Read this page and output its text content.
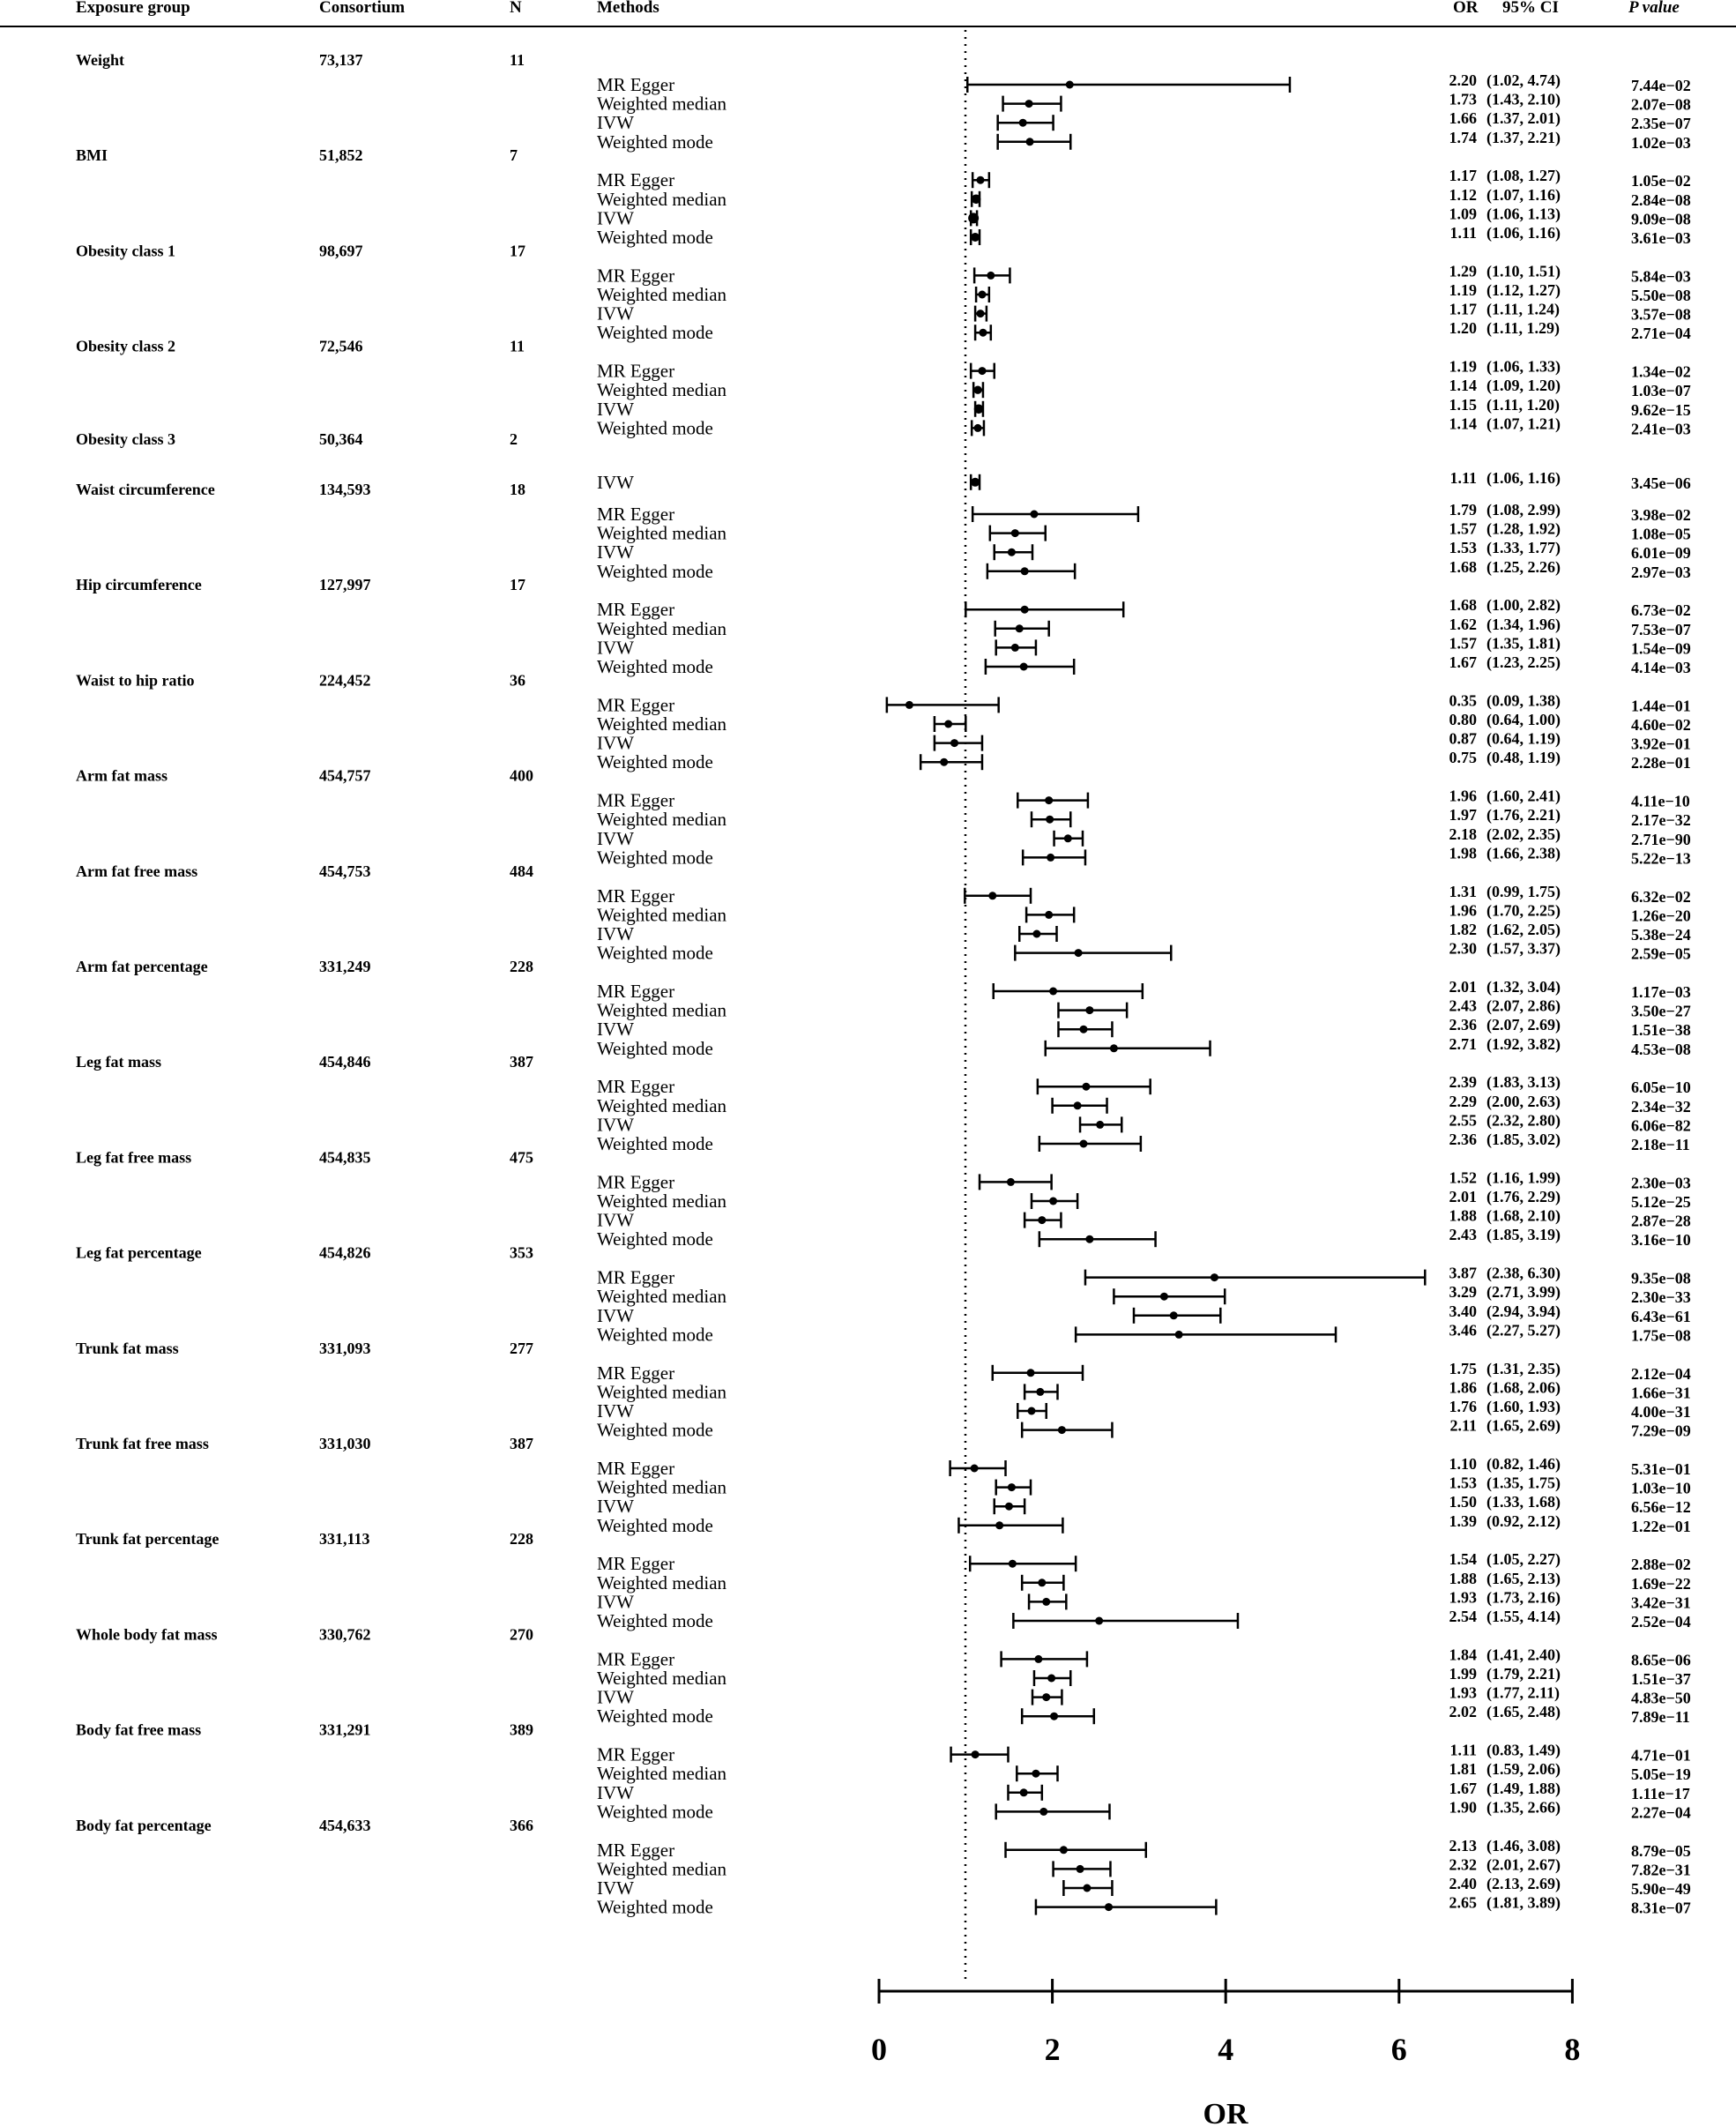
Exposure group	Consortium	N	Methods	OR 95% CI	P value
Weight	73,137	11
MR Egger	2.20 (1.02, 4.74)	7.44e−02
Weighted median	1.73 (1.43, 2.10)	2.07e−08
IVW	1.66 (1.37, 2.01)	2.35e−07
Weighted mode	1.74 (1.37, 2.21)	1.02e−03
BMI	51,852	7
MR Egger	1.17 (1.08, 1.27)	1.05e−02
Weighted median	1.12 (1.07, 1.16)	2.84e−08
IVW	1.09 (1.06, 1.13)	9.09e−08
Weighted mode	1.11 (1.06, 1.16)	3.61e−03
Obesity class 1	98,697	17
MR Egger	1.29 (1.10, 1.51)	5.84e−03
Weighted median	1.19 (1.12, 1.27)	5.50e−08
IVW	1.17 (1.11, 1.24)	3.57e−08
Weighted mode	1.20 (1.11, 1.29)	2.71e−04
Obesity class 2	72,546	11
MR Egger	1.19 (1.06, 1.33)	1.34e−02
Weighted median	1.14 (1.09, 1.20)	1.03e−07
IVW	1.15 (1.11, 1.20)	9.62e−15
Weighted mode	1.14 (1.07, 1.21)	2.41e−03
Obesity class 3	50,364	2
IVW	1.11 (1.06, 1.16)	3.45e−06
Waist circumference	134,593	18
MR Egger	1.79 (1.08, 2.99)	3.98e−02
Weighted median	1.57 (1.28, 1.92)	1.08e−05
IVW	1.53 (1.33, 1.77)	6.01e−09
Weighted mode	1.68 (1.25, 2.26)	2.97e−03
Hip circumference	127,997	17
MR Egger	1.68 (1.00, 2.82)	6.73e−02
Weighted median	1.62 (1.34, 1.96)	7.53e−07
IVW	1.57 (1.35, 1.81)	1.54e−09
Weighted mode	1.67 (1.23, 2.25)	4.14e−03
Waist to hip ratio	224,452	36
MR Egger	0.35 (0.09, 1.38)	1.44e−01
Weighted median	0.80 (0.64, 1.00)	4.60e−02
IVW	0.87 (0.64, 1.19)	3.92e−01
Weighted mode	0.75 (0.48, 1.19)	2.28e−01
Arm fat mass	454,757	400
MR Egger	1.96 (1.60, 2.41)	4.11e−10
Weighted median	1.97 (1.76, 2.21)	2.17e−32
IVW	2.18 (2.02, 2.35)	2.71e−90
Weighted mode	1.98 (1.66, 2.38)	5.22e−13
Arm fat free mass	454,753	484
MR Egger	1.31 (0.99, 1.75)	6.32e−02
Weighted median	1.96 (1.70, 2.25)	1.26e−20
IVW	1.82 (1.62, 2.05)	5.38e−24
Weighted mode	2.30 (1.57, 3.37)	2.59e−05
Arm fat percentage	331,249	228
MR Egger	2.01 (1.32, 3.04)	1.17e−03
Weighted median	2.43 (2.07, 2.86)	3.50e−27
IVW	2.36 (2.07, 2.69)	1.51e−38
Weighted mode	2.71 (1.92, 3.82)	4.53e−08
Leg fat mass	454,846	387
MR Egger	2.39 (1.83, 3.13)	6.05e−10
Weighted median	2.29 (2.00, 2.63)	2.34e−32
IVW	2.55 (2.32, 2.80)	6.06e−82
Weighted mode	2.36 (1.85, 3.02)	2.18e−11
Leg fat free mass	454,835	475
MR Egger	1.52 (1.16, 1.99)	2.30e−03
Weighted median	2.01 (1.76, 2.29)	5.12e−25
IVW	1.88 (1.68, 2.10)	2.87e−28
Weighted mode	2.43 (1.85, 3.19)	3.16e−10
Leg fat percentage	454,826	353
MR Egger	3.87 (2.38, 6.30)	9.35e−08
Weighted median	3.29 (2.71, 3.99)	2.30e−33
IVW	3.40 (2.94, 3.94)	6.43e−61
Weighted mode	3.46 (2.27, 5.27)	1.75e−08
Trunk fat mass	331,093	277
MR Egger	1.75 (1.31, 2.35)	2.12e−04
Weighted median	1.86 (1.68, 2.06)	1.66e−31
IVW	1.76 (1.60, 1.93)	4.00e−31
Weighted mode	2.11 (1.65, 2.69)	7.29e−09
Trunk fat free mass	331,030	387
MR Egger	1.10 (0.82, 1.46)	5.31e−01
Weighted median	1.53 (1.35, 1.75)	1.03e−10
IVW	1.50 (1.33, 1.68)	6.56e−12
Weighted mode	1.39 (0.92, 2.12)	1.22e−01
Trunk fat percentage	331,113	228
MR Egger	1.54 (1.05, 2.27)	2.88e−02
Weighted median	1.88 (1.65, 2.13)	1.69e−22
IVW	1.93 (1.73, 2.16)	3.42e−31
Weighted mode	2.54 (1.55, 4.14)	2.52e−04
Whole body fat mass	330,762	270
MR Egger	1.84 (1.41, 2.40)	8.65e−06
Weighted median	1.99 (1.79, 2.21)	1.51e−37
IVW	1.93 (1.77, 2.11)	4.83e−50
Weighted mode	2.02 (1.65, 2.48)	7.89e−11
Body fat free mass	331,291	389
MR Egger	1.11 (0.83, 1.49)	4.71e−01
Weighted median	1.81 (1.59, 2.06)	5.05e−19
IVW	1.67 (1.49, 1.88)	1.11e−17
Weighted mode	1.90 (1.35, 2.66)	2.27e−04
Body fat percentage	454,633	366
MR Egger	2.13 (1.46, 3.08)	8.79e−05
Weighted median	2.32 (2.01, 2.67)	7.82e−31
IVW	2.40 (2.13, 2.69)	5.90e−49
Weighted mode	2.65 (1.81, 3.89)	8.31e−07
0	2	4	6	8
OR
